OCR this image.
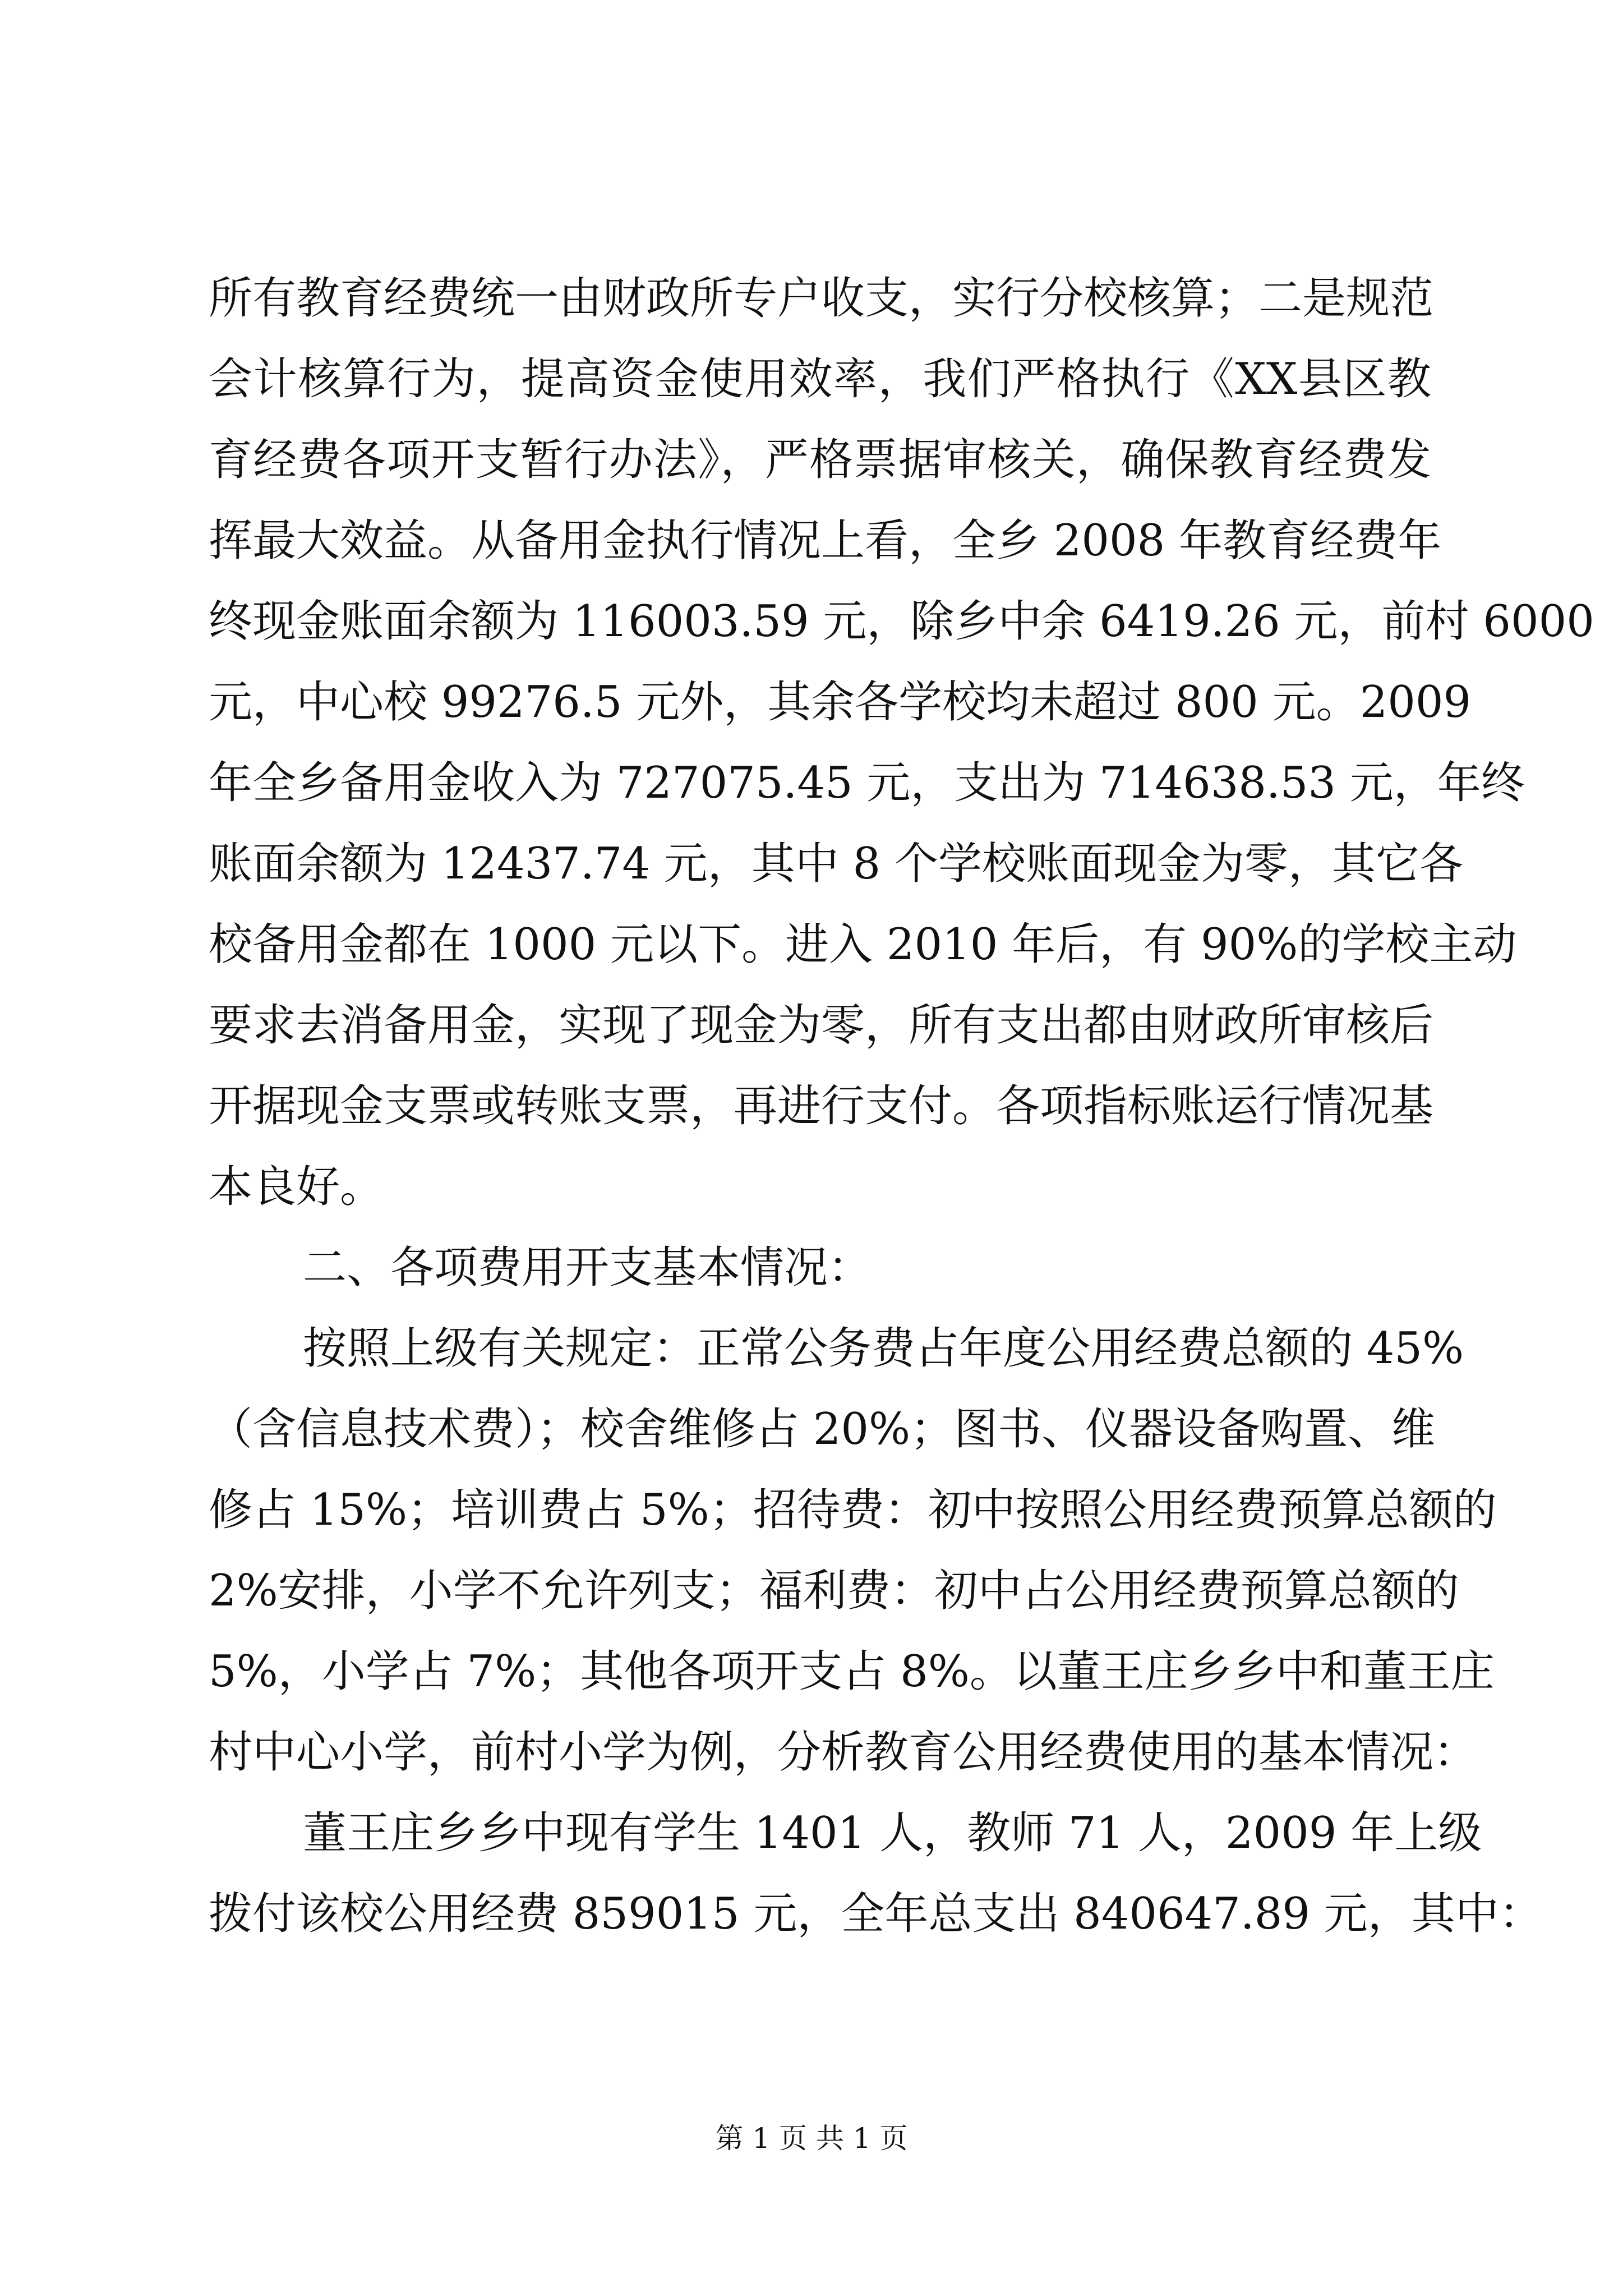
所有教育经费统一由财政所专户收支，实行分校核算；二是规范
会计核算行为，提高资金使用效率，我们严格执行《XX县区教
育经费各项开支暂行办法》，严格票据审核关，确保教育经费发
挥最大效益。从备用金执行情况上看，全乡 2008 年教育经费年
终现金账面余额为 116003.59 元，除乡中余 6419.26 元，前村 6000
元，中心校 99276.5 元外，其余各学校均未超过 800 元。2009
年全乡备用金收入为 727075.45 元，支出为 714638.53 元，年终
账面余额为 12437.74 元，其中 8 个学校账面现金为零，其它各
校备用金都在 1000 元以下。进入 2010 年后，有 90%的学校主动
要求去消备用金，实现了现金为零，所有支出都由财政所审核后
开据现金支票或转账支票，再进行支付。各项指标账运行情况基
本良好。
二、各项费用开支基本情况：
按照上级有关规定：正常公务费占年度公用经费总额的 45%
（含信息技术费）；校舍维修占 20%；图书、仪器设备购置、维
修占 15%；培训费占 5%；招待费：初中按照公用经费预算总额的
2%安排，小学不允许列支；福利费：初中占公用经费预算总额的
5%，小学占 7%；其他各项开支占 8%。以董王庄乡乡中和董王庄
村中心小学，前村小学为例，分析教育公用经费使用的基本情况：
董王庄乡乡中现有学生 1401 人，教师 71 人，2009 年上级
拨付该校公用经费 859015 元，全年总支出 840647.89 元，其中：
第 1 页 共 1 页
